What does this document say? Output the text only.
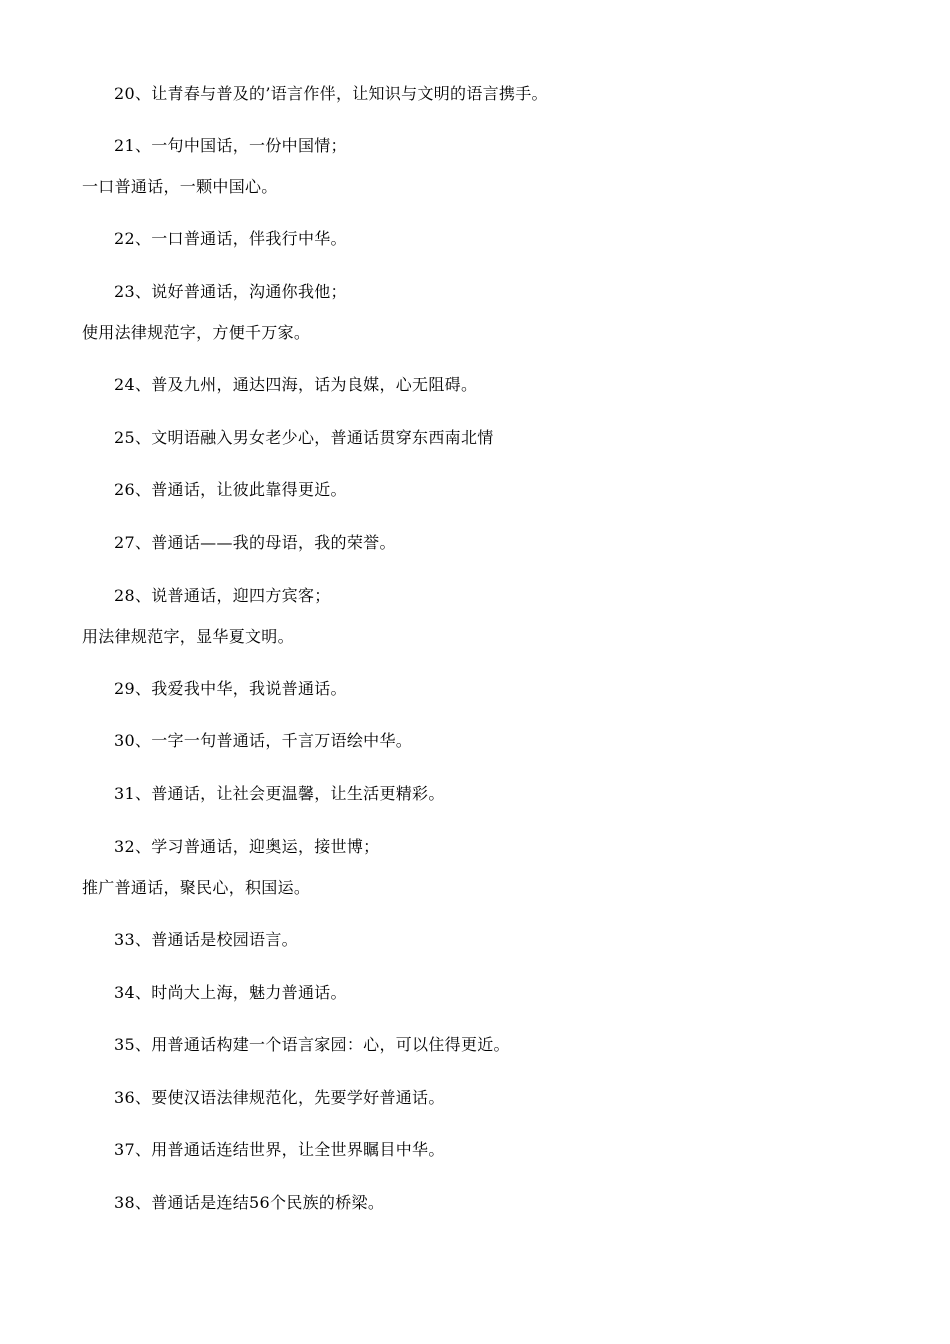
20、让青春与普及的’语言作伴，让知识与文明的语言携手。
21、一句中国话，一份中国情；
一口普通话，一颗中国心。
22、一口普通话，伴我行中华。
23、说好普通话，沟通你我他；
使用法律规范字，方便千万家。
24、普及九州，通达四海，话为良媒，心无阻碍。
25、文明语融入男女老少心，普通话贯穿东西南北情
26、普通话，让彼此靠得更近。
27、普通话——我的母语，我的荣誉。
28、说普通话，迎四方宾客；
用法律规范字，显华夏文明。
29、我爱我中华，我说普通话。
30、一字一句普通话，千言万语绘中华。
31、普通话，让社会更温馨，让生活更精彩。
32、学习普通话，迎奥运，接世博；
推广普通话，聚民心，积国运。
33、普通话是校园语言。
34、时尚大上海，魅力普通话。
35、用普通话构建一个语言家园：心，可以住得更近。
36、要使汉语法律规范化，先要学好普通话。
37、用普通话连结世界，让全世界瞩目中华。
38、普通话是连结56个民族的桥梁。
